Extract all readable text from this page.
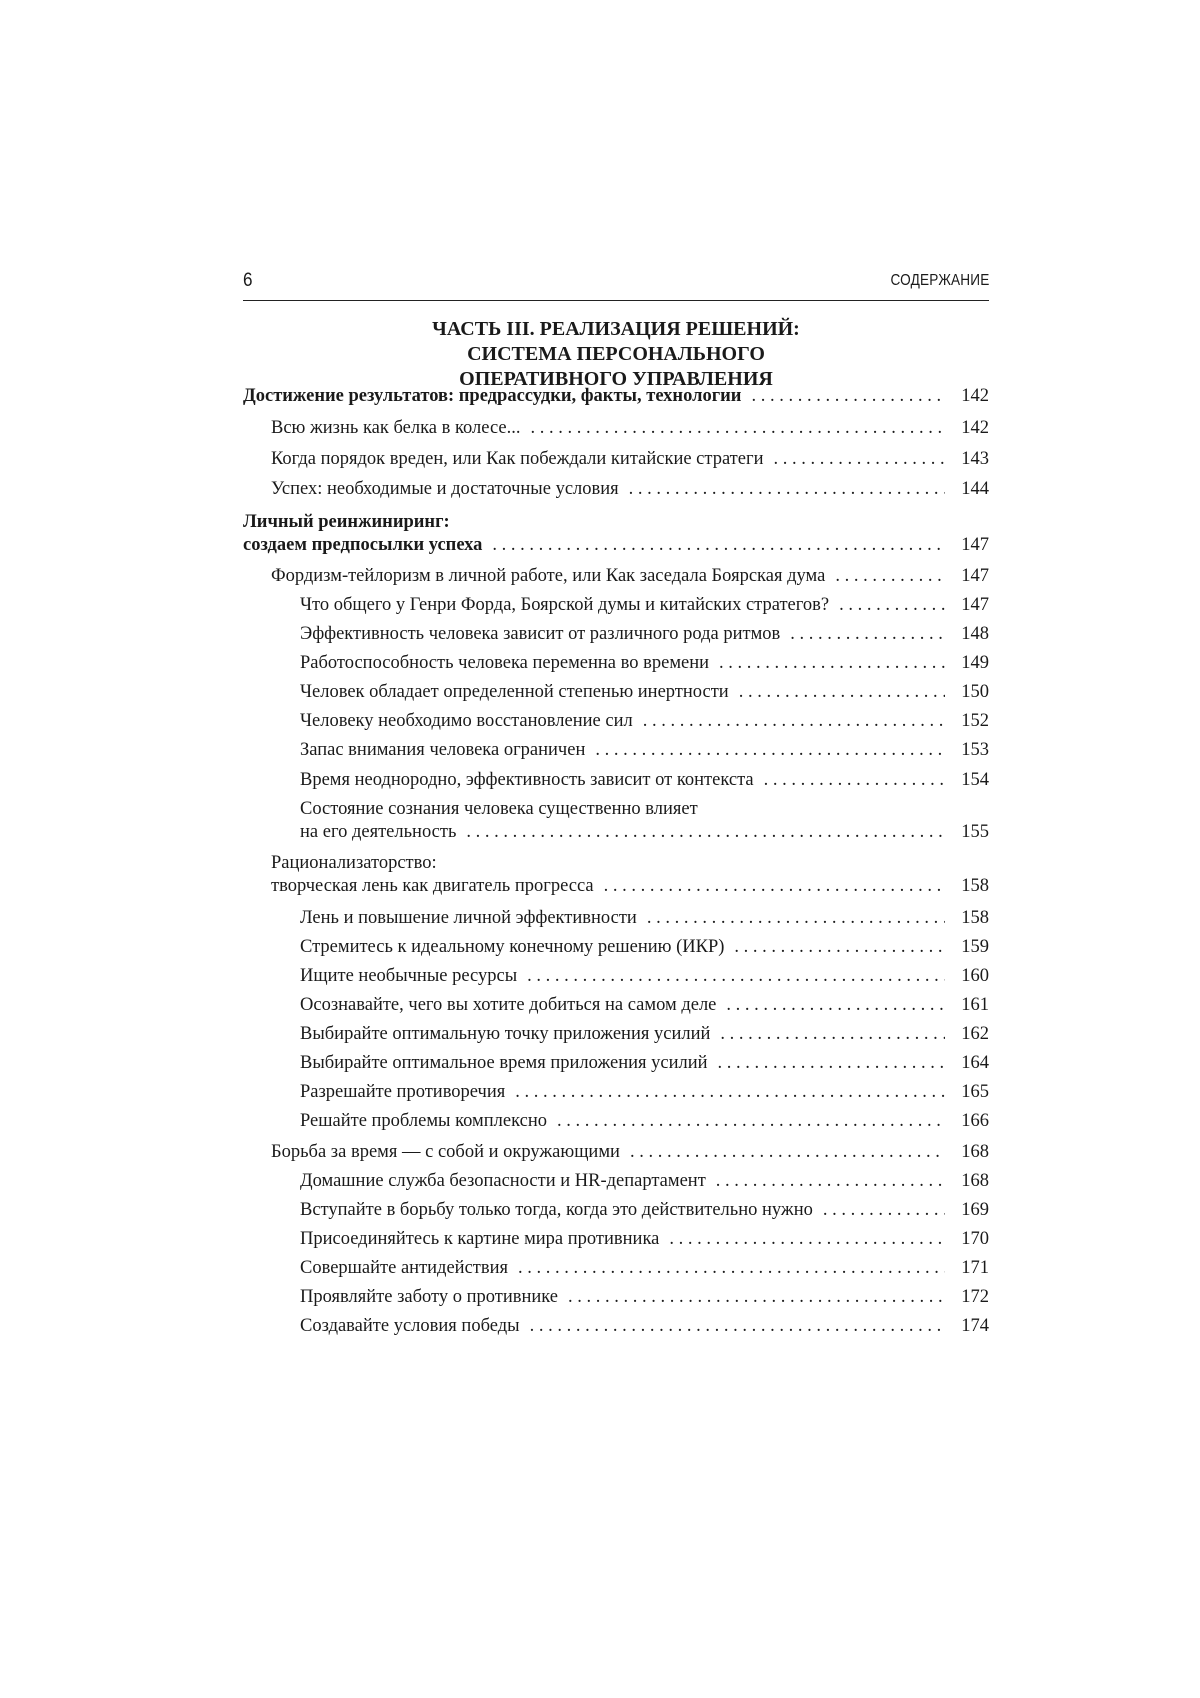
6	СОДЕРЖАНИЕ
ЧАСТЬ III. РЕАЛИЗАЦИЯ РЕШЕНИЙ:
СИСТЕМА ПЕРСОНАЛЬНОГО
ОПЕРАТИВНОГО УПРАВЛЕНИЯ
Достижение результатов: предрассудки, факты, технологии . . .	142
Всю жизнь как белка в колесе... . . .	142
Когда порядок вреден, или Как побеждали китайские стратеги . . .	143
Успех: необходимые и достаточные условия . . .	144
Личный реинжиниринг:
создаем предпосылки успеха . . .	147
Фордизм-тейлоризм в личной работе, или Как заседала Боярская дума . . .	147
Что общего у Генри Форда, Боярской думы и китайских стратегов? . . .	147
Эффективность человека зависит от различного рода ритмов . . .	148
Работоспособность человека переменна во времени . . .	149
Человек обладает определенной степенью инертности . . .	150
Человеку необходимо восстановление сил . . .	152
Запас внимания человека ограничен . . .	153
Время неоднородно, эффективность зависит от контекста . . .	154
Состояние сознания человека существенно влияет
на его деятельность . . .	155
Рационализаторство:
творческая лень как двигатель прогресса . . .	158
Лень и повышение личной эффективности . . .	158
Стремитесь к идеальному конечному решению (ИКР) . . .	159
Ищите необычные ресурсы . . .	160
Осознавайте, чего вы хотите добиться на самом деле . . .	161
Выбирайте оптимальную точку приложения усилий . . .	162
Выбирайте оптимальное время приложения усилий . . .	164
Разрешайте противоречия . . .	165
Решайте проблемы комплексно . . .	166
Борьба за время — с собой и окружающими . . .	168
Домашние служба безопасности и HR-департамент . . .	168
Вступайте в борьбу только тогда, когда это действительно нужно . . .	169
Присоединяйтесь к картине мира противника . . .	170
Совершайте антидействия . . .	171
Проявляйте заботу о противнике . . .	172
Создавайте условия победы . . .	174
